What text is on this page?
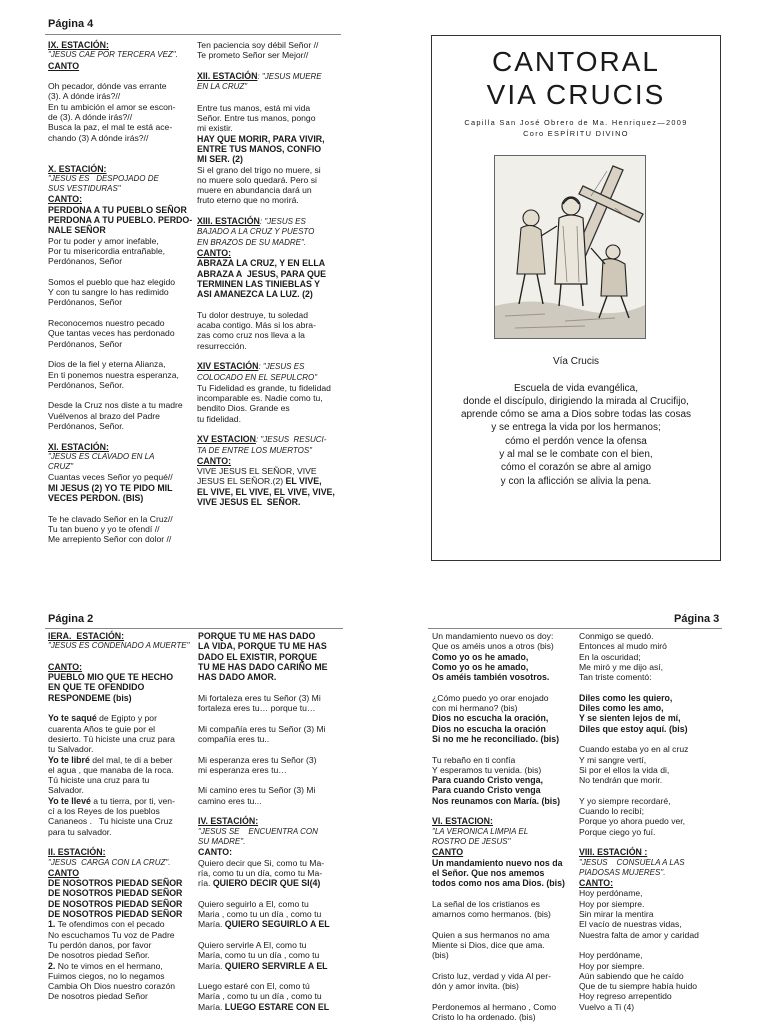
Página 4
IX. ESTACIÓN:
"JESUS CAE POR TERCERA VEZ".
CANTO
Oh pecador, dónde vas errante
(3). A dónde irás?//
En tu ambición el amor se escon-
de (3). A dónde irás?//
Busca la paz, el mal te está ace-
chando (3) A dónde irás?//
X. ESTACIÓN:
"JESUS ES   DESPOJADO DE
SUS VESTIDURAS"
CANTO:
PERDONA A TU PUEBLO SEÑOR
PERDONA A TU PUEBLO. PERDO-
NALE SEÑOR
Por tu poder y amor inefable,
Por tu misericordia entrañable,
Perdónanos, Señor
Somos el pueblo que haz elegido
Y con tu sangre lo has redimido
Perdónanos, Señor
Reconocemos nuestro pecado
Que tantas veces has perdonado
Perdónanos, Señor
Dios de la fiel y eterna Alianza,
En ti ponemos nuestra esperanza,
Perdónanos, Señor.
Desde la Cruz nos diste a tu madre
Vuélvenos al brazo del Padre
Perdónanos, Señor.
XI. ESTACIÓN:
"JESUS ES CLAVADO EN LA
CRUZ"
Cuantas veces Señor yo pequé//
MI JESUS (2) YO TE PIDO MIL
VECES PERDON. (BIS)
Te he clavado Señor en la Cruz//
Tu tan bueno y yo te ofendí //
Me arrepiento Señor con dolor //
Ten paciencia soy débil Señor //
Te prometo Señor ser Mejor//
XII. ESTACIÓN: "JESUS MUERE
EN LA CRUZ"
Entre tus manos, está mi vida
Señor. Entre tus manos, pongo
mi existir.
HAY QUE MORIR, PARA VIVIR,
ENTRE TUS MANOS, CONFIO
MI SER. (2)
Si el grano del trigo no muere, si
no muere solo quedará. Pero si
muere en abundancia dará un
fruto eterno que no morirá.
XIII. ESTACIÓN: "JESUS ES
BAJADO A LA CRUZ Y PUESTO
EN BRAZOS DE SU MADRE".
CANTO:
ABRAZA LA CRUZ, Y EN ELLA
ABRAZA A  JESUS, PARA QUE
TERMINEN LAS TINIEBLAS Y
ASI AMANEZCA LA LUZ. (2)
Tu dolor destruye, tu soledad
acaba contigo. Más si los abra-
zas como cruz nos lleva a la
resurrección.
XIV ESTACIÓN: "JESUS ES
COLOCADO EN EL SEPULCRO"
Tu Fidelidad es grande, tu fidelidad
incomparable es. Nadie como tu,
bendito Dios. Grande es
tu fidelidad.
XV ESTACION: "JESUS  RESUCI-
TA DE ENTRE LOS MUERTOS"
CANTO:
VIVE JESUS EL SEÑOR, VIVE
JESUS EL SEÑOR.(2) EL VIVE,
EL VIVE, EL VIVE, EL VIVE, VIVE,
VIVE JESUS EL  SEÑOR.
CANTORAL
VIA CRUCIS
Capilla San José Obrero de Ma. Henriquez—2009
Coro ESPÍRITU DIVINO
Vía Crucis
Escuela de vida evangélica,
donde el discípulo, dirigiendo la mirada al Crucifijo,
aprende cómo se ama a Dios sobre todas las cosas
y se entrega la vida por los hermanos;
cómo el perdón vence la ofensa
y al mal se le combate con el bien,
cómo el corazón se abre al amigo
y con la aflicción se alivia la pena.
Página 2
IERA.  ESTACIÓN:
"JESUS ES CONDENADO A MUERTE"
CANTO:
PUEBLO MIO QUE TE HECHO
EN QUE TE OFENDIDO
RESPONDEME (bis)
Yo te saqué de Egipto y por
cuarenta Años te guie por el
desierto. Tú hiciste una cruz para
tu Salvador.
Yo te libré del mal, te di a beber
el agua , que manaba de la roca.
Tú hiciste una cruz para tu
Salvador.
Yo te llevé a tu tierra, por ti, ven-
cí a los Reyes de los pueblos
Cananeos .   Tu hiciste una Cruz
para tu salvador.
II. ESTACIÓN:
"JESUS  CARGA CON LA CRUZ".
CANTO
DE NOSOTROS PIEDAD SEÑOR
DE NOSOTROS PIEDAD SEÑOR
DE NOSOTROS PIEDAD SEÑOR
DE NOSOTROS PIEDAD SEÑOR
1. Te ofendimos con el pecado
No escuchamos Tu voz de Padre
Tu perdón danos, por favor
De nosotros piedad Señor.
2. No te vimos en el hermano,
Fuimos ciegos, no lo negamos
Cambia Oh Dios nuestro corazón
De nosotros piedad Señor
PORQUE TU ME HAS DADO
LA VIDA, PORQUE TU ME HAS
DADO EL EXISTIR, PORQUE
TU ME HAS DADO CARIÑO ME
HAS DADO AMOR.
Mi fortaleza eres tu Señor (3) Mi
fortaleza eres tu… porque tu…
Mi compañía eres tu Señor (3) Mi
compañía eres tu..
Mi esperanza eres tu Señor (3)
mi esperanza eres tu…
Mi camino eres tu Señor (3) Mi
camino eres tu...
IV. ESTACIÓN:
"JESUS SE    ENCUENTRA CON
SU MADRE".
CANTO:
Quiero decir que Si, como tu Ma-
ría, como tu un día, como tu Ma-
ría. QUIERO DECIR QUE SI(4)
Quiero seguirlo a El, como tu
Maria , como tu un día , como tu
María. QUIERO SEGUIRLO A EL
Quiero servirle A El, como tu
María, como tu un día , como tu
María. QUIERO SERVIRLE A EL
Luego estaré con El, como tú
María , como tu un día , como tu
María. LUEGO ESTARE CON EL
Página 3
Un mandamiento nuevo os doy:
Que os améis unos a otros (bis)
Como yo os he amado,
Como yo os he amado,
Os améis también vosotros.
¿Cómo puedo yo orar enojado
con mi hermano? (bis)
Dios no escucha la oración,
Dios no escucha la oración
Si no me he reconciliado. (bis)
Tu rebaño en ti confía
Y esperamos tu venida. (bis)
Para cuando Cristo venga,
Para cuando Cristo venga
Nos reunamos con María. (bis)
VI. ESTACION:
"LA VERONICA LIMPIA EL
ROSTRO DE JESUS"
CANTO
Un mandamiento nuevo nos da
el Señor. Que nos amemos
todos como nos ama Dios. (bis)
La señal de los cristianos es
amarnos como hermanos. (bis)
Quien a sus hermanos no ama
Miente si Dios, dice que ama.
(bis)
Cristo luz, verdad y vida Al per-
dón y amor invita. (bis)
Perdonemos al hermano , Como
Cristo lo ha ordenado. (bis)
Conmigo se quedó.
Entonces al mudo miró
En la oscuridad;
Me miró y me dijo así,
Tan triste comentó:
Diles como les quiero,
Diles como les amo,
Y se sienten lejos de mí,
Diles que estoy aquí. (bis)
Cuando estaba yo en al cruz
Y mi sangre vertí,
Si por el ellos la vida di,
No tendrán que morir.
Y yo siempre recordaré,
Cuando lo recibí;
Porque yo ahora puedo ver,
Porque ciego yo fuí.
VIII. ESTACIÓN :
"JESUS    CONSUELA A LAS
PIADOSAS MUJERES".
CANTO:
Hoy perdóname,
Hoy por siempre.
Sin mirar la mentira
El vacío de nuestras vidas,
Nuestra falta de amor y caridad
Hoy perdóname,
Hoy por siempre.
Aún sabiendo que he caído
Que de tu siempre había huido
Hoy regreso arrepentido
Vuelvo a Ti (4)
